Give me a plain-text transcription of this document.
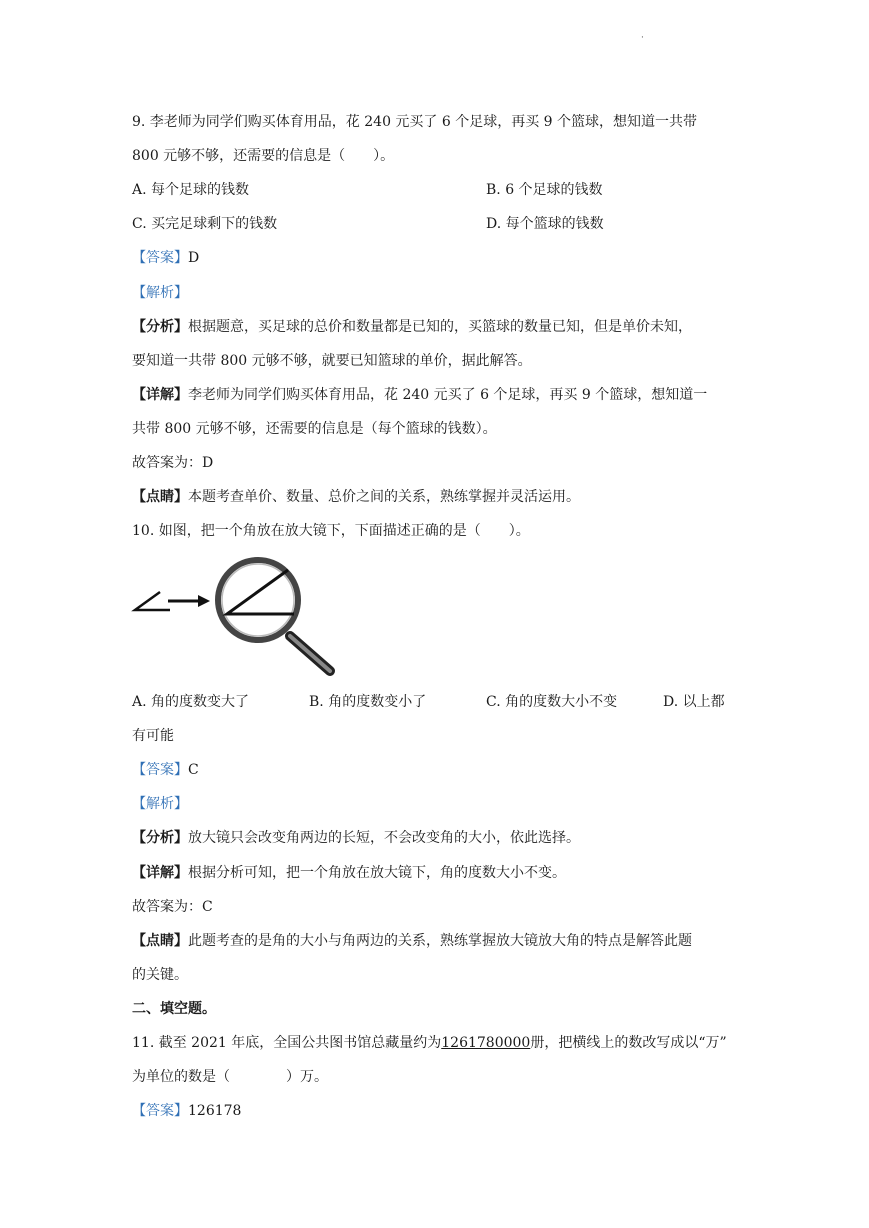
·
9. 李老师为同学们购买体育用品，花 240 元买了 6 个足球，再买 9 个篮球，想知道一共带
800 元够不够，还需要的信息是（　　）。
A. 每个足球的钱数	B. 6 个足球的钱数
C. 买完足球剩下的钱数	D. 每个篮球的钱数
【答案】D
【解析】
【分析】根据题意，买足球的总价和数量都是已知的，买篮球的数量已知，但是单价未知，
要知道一共带 800 元够不够，就要已知篮球的单价，据此解答。
【详解】李老师为同学们购买体育用品，花 240 元买了 6 个足球，再买 9 个篮球，想知道一
共带 800 元够不够，还需要的信息是（每个篮球的钱数）。
故答案为：D
【点睛】本题考查单价、数量、总价之间的关系，熟练掌握并灵活运用。
10. 如图，把一个角放在放大镜下，下面描述正确的是（　　）。
A. 角的度数变大了	B. 角的度数变小了	C. 角的度数大小不变	D. 以上都
有可能
【答案】C
【解析】
【分析】放大镜只会改变角两边的长短，不会改变角的大小，依此选择。
【详解】根据分析可知，把一个角放在放大镜下，角的度数大小不变。
故答案为：C
【点睛】此题考查的是角的大小与角两边的关系，熟练掌握放大镜放大角的特点是解答此题
的关键。
二、填空题。
11. 截至 2021 年底，全国公共图书馆总藏量约为1261780000册，把横线上的数改写成以“万”
为单位的数是（　　　　）万。
【答案】126178
